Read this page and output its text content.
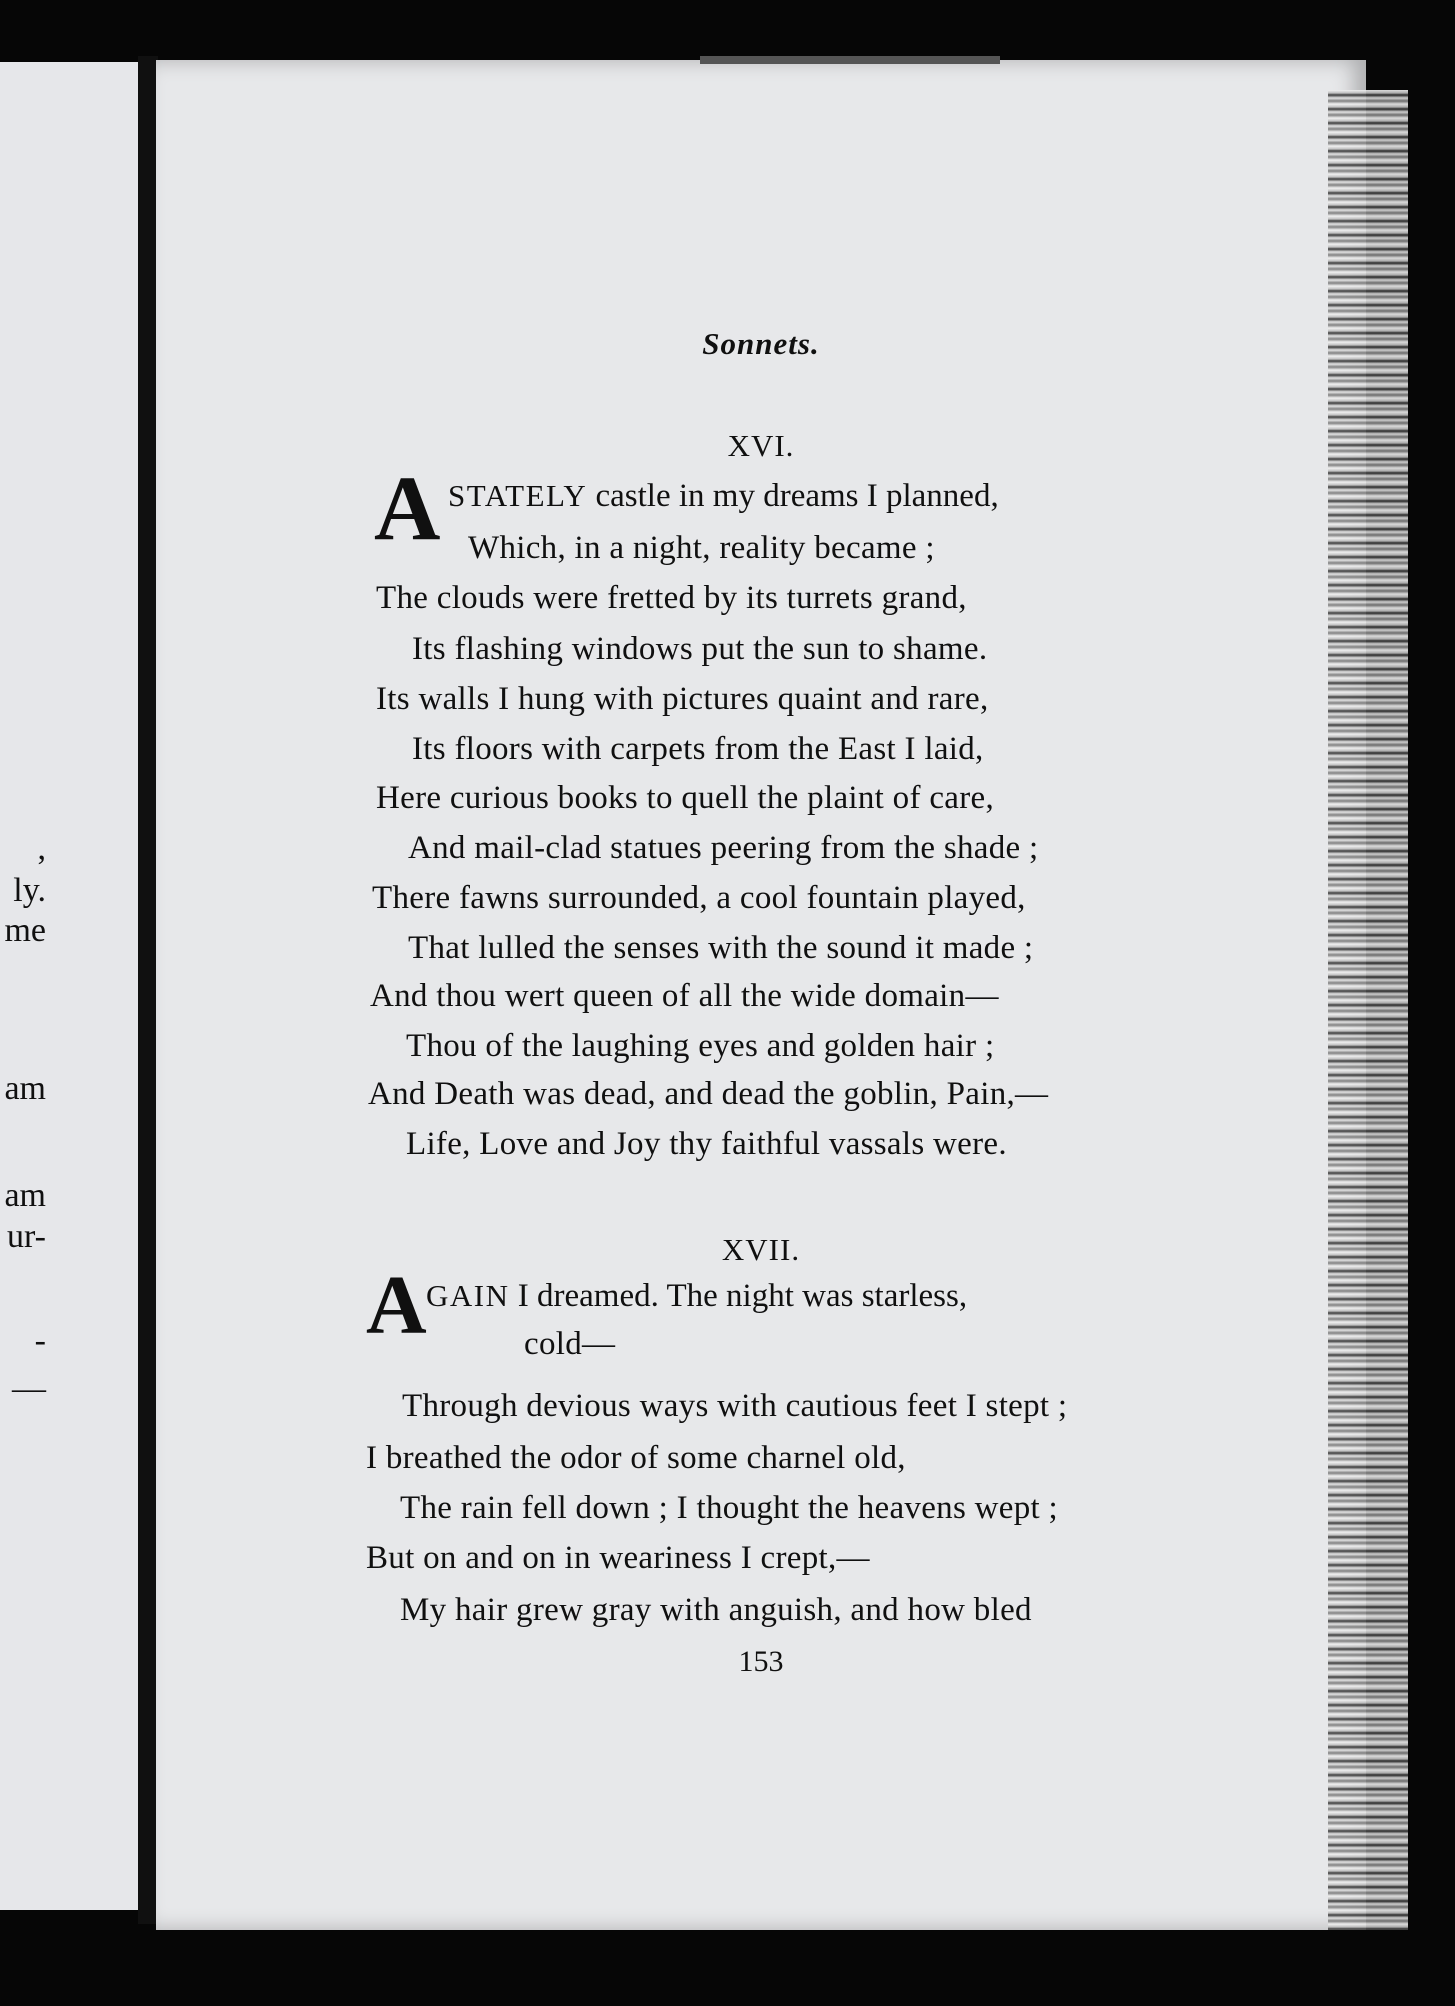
,
ly.
me
am
am
ur-
-
—
Sonnets.
XVI.
A STATELY castle in my dreams I planned,
Which, in a night, reality became ;
The clouds were fretted by its turrets grand,
Its flashing windows put the sun to shame.
Its walls I hung with pictures quaint and rare,
Its floors with carpets from the East I laid,
Here curious books to quell the plaint of care,
And mail-clad statues peering from the shade ;
There fawns surrounded, a cool fountain played,
That lulled the senses with the sound it made ;
And thou wert queen of all the wide domain—
Thou of the laughing eyes and golden hair ;
And Death was dead, and dead the goblin, Pain,—
Life, Love and Joy thy faithful vassals were.
XVII.
A GAIN I dreamed. The night was starless,
cold—
Through devious ways with cautious feet I stept ;
I breathed the odor of some charnel old,
The rain fell down ; I thought the heavens wept ;
But on and on in weariness I crept,—
My hair grew gray with anguish, and how bled
153
